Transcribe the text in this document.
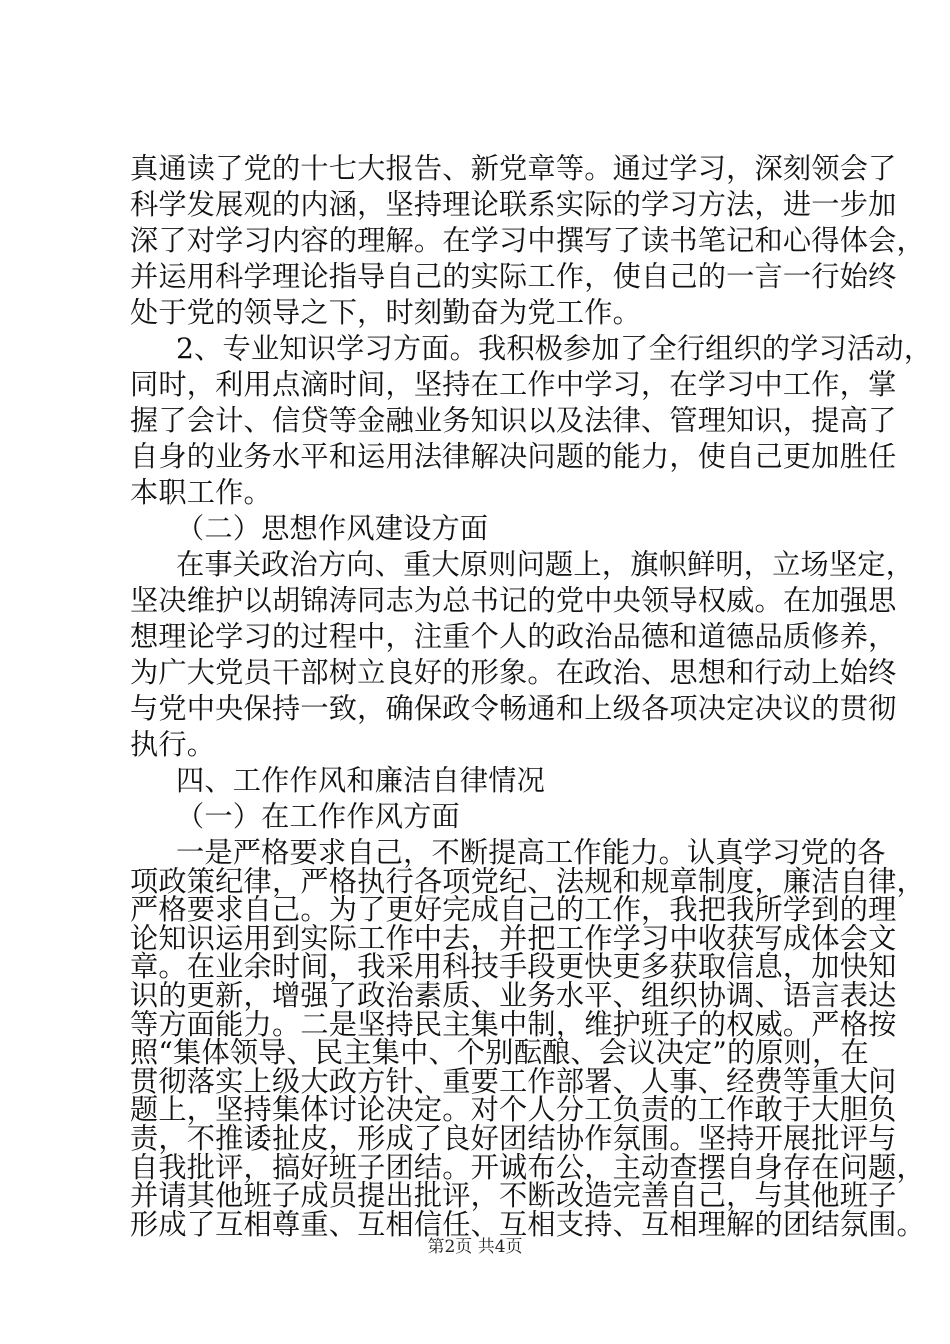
真通读了党的十七大报告、新党章等。通过学习，深刻领会了

科学发展观的内涵，坚持理论联系实际的学习方法，进一步加

深了对学习内容的理解。在学习中撰写了读书笔记和心得体会，

并运用科学理论指导自己的实际工作，使自己的一言一行始终

处于党的领导之下，时刻勤奋为党工作。

2、专业知识学习方面。我积极参加了全行组织的学习活动，

同时，利用点滴时间，坚持在工作中学习，在学习中工作，掌

握了会计、信贷等金融业务知识以及法律、管理知识，提高了

自身的业务水平和运用法律解决问题的能力，使自己更加胜任

本职工作。

（二）思想作风建设方面

在事关政治方向、重大原则问题上，旗帜鲜明，立场坚定，

坚决维护以胡锦涛同志为总书记的党中央领导权威。在加强思

想理论学习的过程中，注重个人的政治品德和道德品质修养，

为广大党员干部树立良好的形象。在政治、思想和行动上始终

与党中央保持一致，确保政令畅通和上级各项决定决议的贯彻

执行。

四、工作作风和廉洁自律情况

（一）在工作作风方面

一是严格要求自己，不断提高工作能力。认真学习党的各

项政策纪律，严格执行各项党纪、法规和规章制度，廉洁自律，

严格要求自己。为了更好完成自己的工作，我把我所学到的理

论知识运用到实际工作中去，并把工作学习中收获写成体会文

章。在业余时间，我采用科技手段更快更多获取信息，加快知

识的更新，增强了政治素质、业务水平、组织协调、语言表达

等方面能力。二是坚持民主集中制，维护班子的权威。严格按

照“集体领导、民主集中、个别酝酿、会议决定”的原则，在

贯彻落实上级大政方针、重要工作部署、人事、经费等重大问

题上，坚持集体讨论决定。对个人分工负责的工作敢于大胆负

责，不推诿扯皮，形成了良好团结协作氛围。坚持开展批评与

自我批评，搞好班子团结。开诚布公，主动查摆自身存在问题，

并请其他班子成员提出批评，不断改造完善自己，与其他班子

形成了互相尊重、互相信任、互相支持、互相理解的团结氛围。

第2页 共4页
